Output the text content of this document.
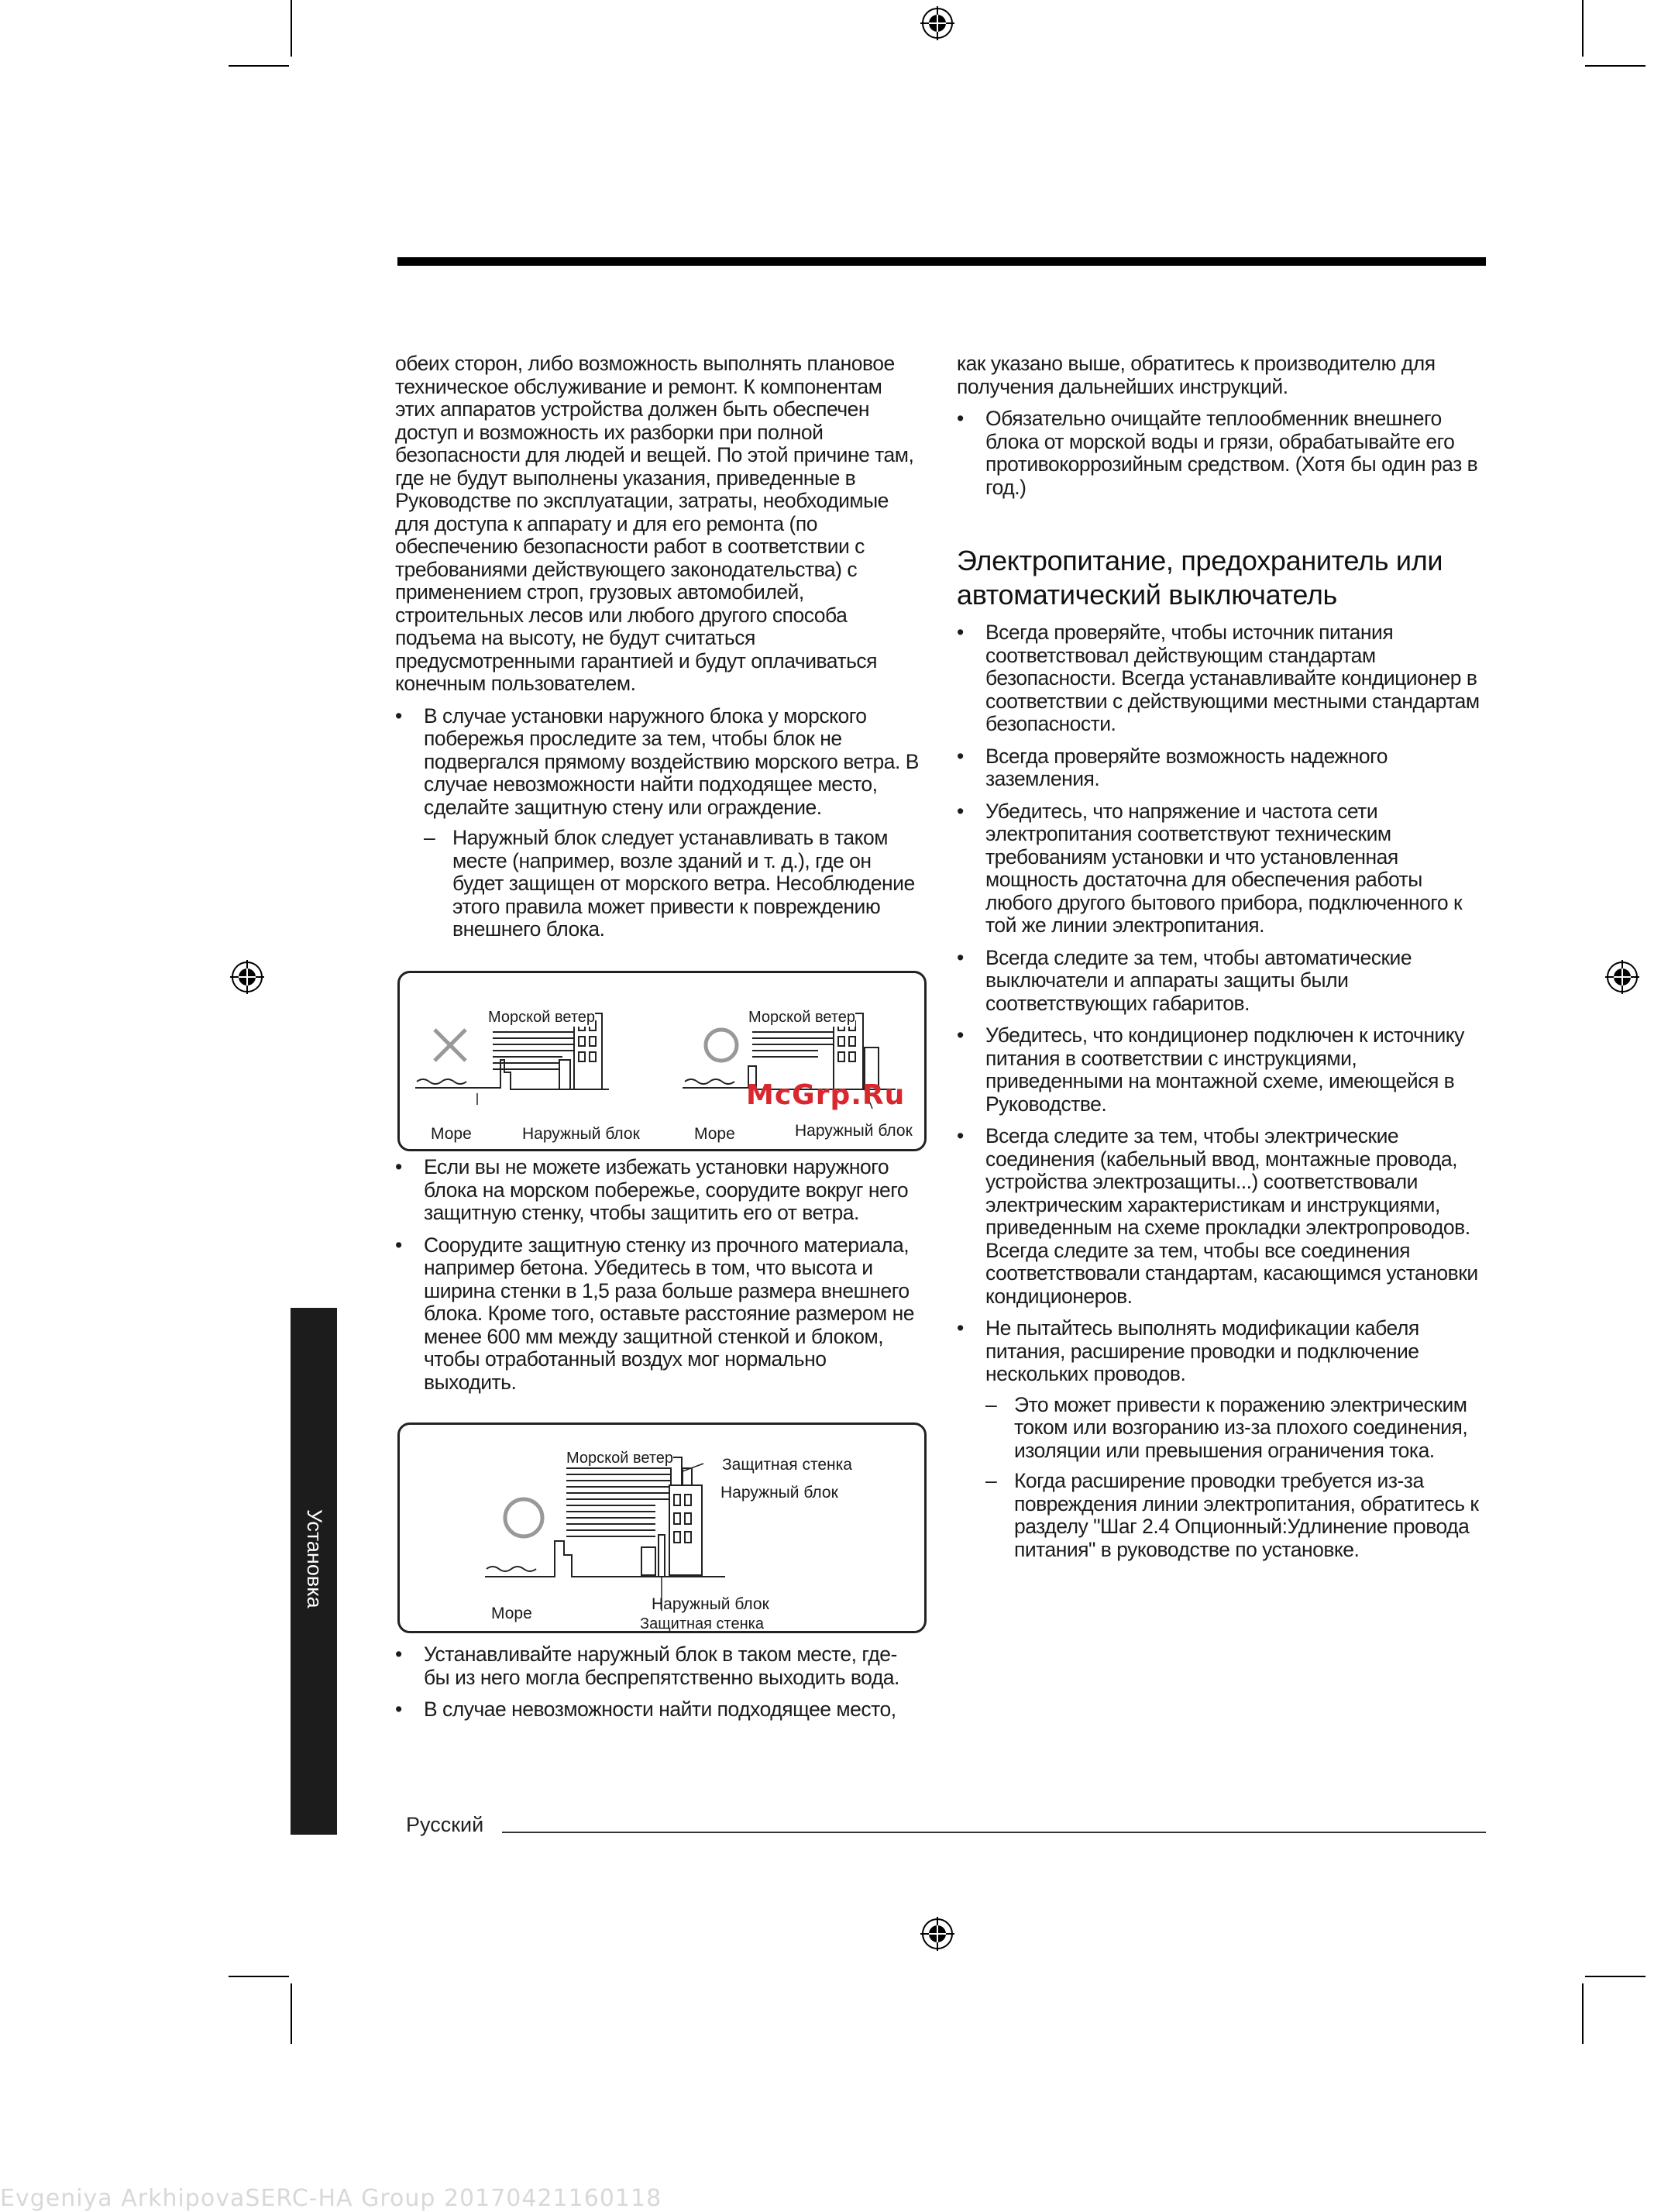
обеих сторон, либо возможность выполнять плановое техническое обслуживание и ремонт. К компонентам этих аппаратов устройства должен быть обеспечен доступ и возможность их разборки при полной безопасности для людей и вещей. По этой причине там, где не будут выполнены указания, приведенные в Руководстве по эксплуатации, затраты, необходимые для доступа к аппарату и для его ремонта (по обеспечению безопасности работ в соответствии с требованиями действующего законодательства) с применением строп, грузовых автомобилей, строительных лесов или любого другого способа подъема на высоту, не будут считаться предусмотренными гарантией и будут оплачиваться конечным пользователем.

• В случае установки наружного блока у морского побережья проследите за тем, чтобы блок не подвергался прямому воздействию морского ветра. В случае невозможности найти подходящее место, сделайте защитную стену или ограждение.
– Наружный блок следует устанавливать в таком месте (например, возле зданий и т. д.), где он будет защищен от морского ветра. Несоблюдение этого правила может привести к повреждению внешнего блока.
Морской ветер	Морской ветер
Море	Наружный блок	Море	Наружный блок
McGrp.Ru
• Если вы не можете избежать установки наружного блока на морском побережье, соорудите вокруг него защитную стенку, чтобы защитить его от ветра.
• Соорудите защитную стенку из прочного материала, например бетона. Убедитесь в том, что высота и ширина стенки в 1,5 раза больше размера внешнего блока. Кроме того, оставьте расстояние размером не менее 600 мм между защитной стенкой и блоком, чтобы отработанный воздух мог нормально выходить.
Морской ветер	Защитная стенка
Наружный блок
Море
Наружный блок
Защитная стенка
• Устанавливайте наружный блок в таком месте, где-бы из него могла беспрепятственно выходить вода.
• В случае невозможности найти подходящее место,

как указано выше, обратитесь к производителю для получения дальнейших инструкций.

• Обязательно очищайте теплообменник внешнего блока от морской воды и грязи, обрабатывайте его противокоррозийным средством. (Хотя бы один раз в год.)
Электропитание, предохранитель или автоматический выключатель
• Всегда проверяйте, чтобы источник питания соответствовал действующим стандартам безопасности. Всегда устанавливайте кондиционер в соответствии с действующими местными стандартам безопасности.
• Всегда проверяйте возможность надежного заземления.
• Убедитесь, что напряжение и частота сети электропитания соответствуют техническим требованиям установки и что установленная мощность достаточна для обеспечения работы любого другого бытового прибора, подключенного к той же линии электропитания.
• Всегда следите за тем, чтобы автоматические выключатели и аппараты защиты были соответствующих габаритов.
• Убедитесь, что кондиционер подключен к источнику питания в соответствии с инструкциями, приведенными на монтажной схеме, имеющейся в Руководстве.
• Всегда следите за тем, чтобы электрические соединения (кабельный ввод, монтажные провода, устройства электрозащиты...) соответствовали электрическим характеристикам и инструкциями, приведенным на схеме прокладки электропроводов. Всегда следите за тем, чтобы все соединения соответствовали стандартам, касающимся установки кондиционеров.
• Не пытайтесь выполнять модификации кабеля питания, расширение проводки и подключение нескольких проводов.
– Это может привести к поражению электрическим током или возгоранию из-за плохого соединения, изоляции или превышения ограничения тока.
– Когда расширение проводки требуется из-за повреждения линии электропитания, обратитесь к разделу "Шаг 2.4 Опционный:Удлинение провода питания" в руководстве по установке.
Установка
Русский
Evgeniya ArkhipovaSERC-HA Group 20170421160118
